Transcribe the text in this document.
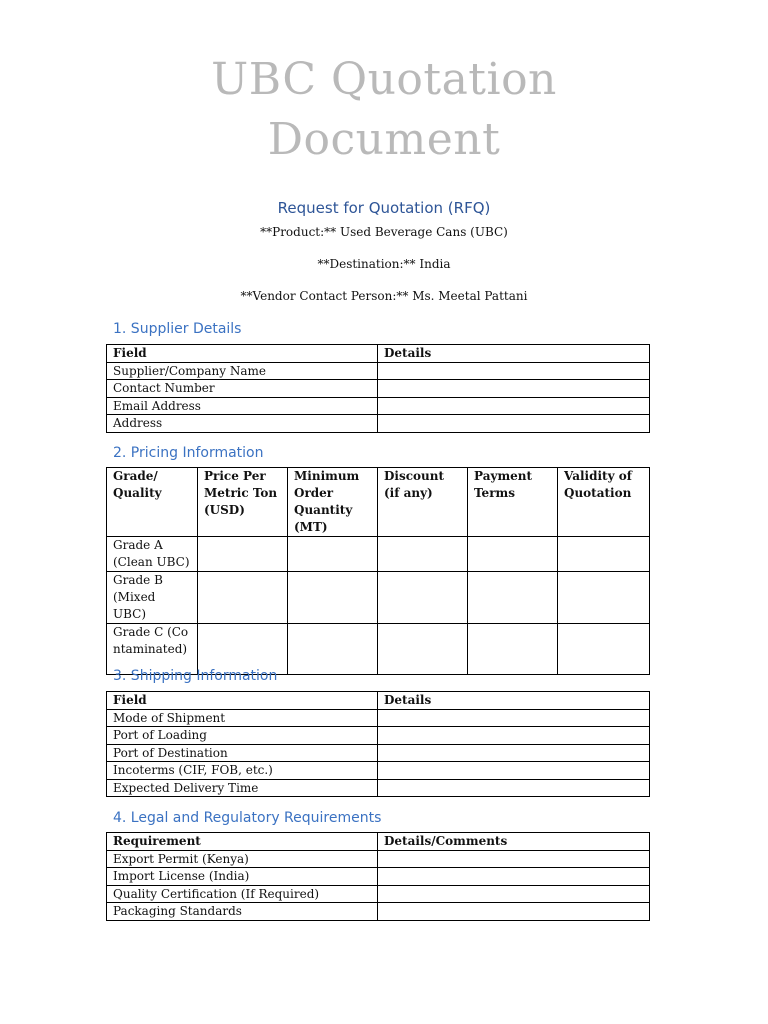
UBC Quotation
Document
Request for Quotation (RFQ)
**Product:** Used Beverage Cans (UBC)
**Destination:** India
**Vendor Contact Person:** Ms. Meetal Pattani
1. Supplier Details
Field	Details
Supplier/Company Name	
Contact Number	
Email Address	
Address	
2. Pricing Information
Grade/ Quality	Price Per Metric Ton (USD)	Minimum Order Quantity (MT)	Discount (if any)	Payment Terms	Validity of Quotation
Grade A (Clean UBC)					
Grade B (Mixed UBC)					
Grade C (Contaminated)					
3. Shipping Information
Field	Details
Mode of Shipment	
Port of Loading	
Port of Destination	
Incoterms (CIF, FOB, etc.)	
Expected Delivery Time	
4. Legal and Regulatory Requirements
Requirement	Details/Comments
Export Permit (Kenya)	
Import License (India)	
Quality Certification (If Required)	
Packaging Standards	
